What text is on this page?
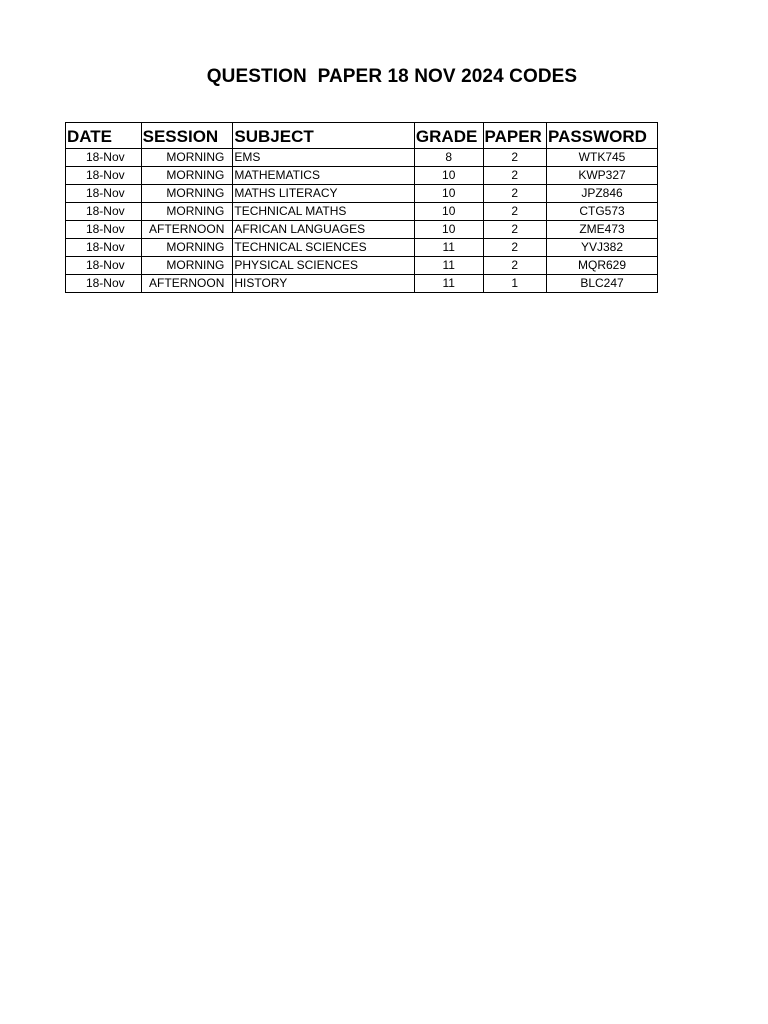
QUESTION  PAPER 18 NOV 2024 CODES
DATE	SESSION	SUBJECT	GRADE	PAPER	PASSWORD
18-Nov	MORNING	EMS	8	2	WTK745
18-Nov	MORNING	MATHEMATICS	10	2	KWP327
18-Nov	MORNING	MATHS LITERACY	10	2	JPZ846
18-Nov	MORNING	TECHNICAL MATHS	10	2	CTG573
18-Nov	AFTERNOON	AFRICAN LANGUAGES	10	2	ZME473
18-Nov	MORNING	TECHNICAL SCIENCES	11	2	YVJ382
18-Nov	MORNING	PHYSICAL SCIENCES	11	2	MQR629
18-Nov	AFTERNOON	HISTORY	11	1	BLC247
